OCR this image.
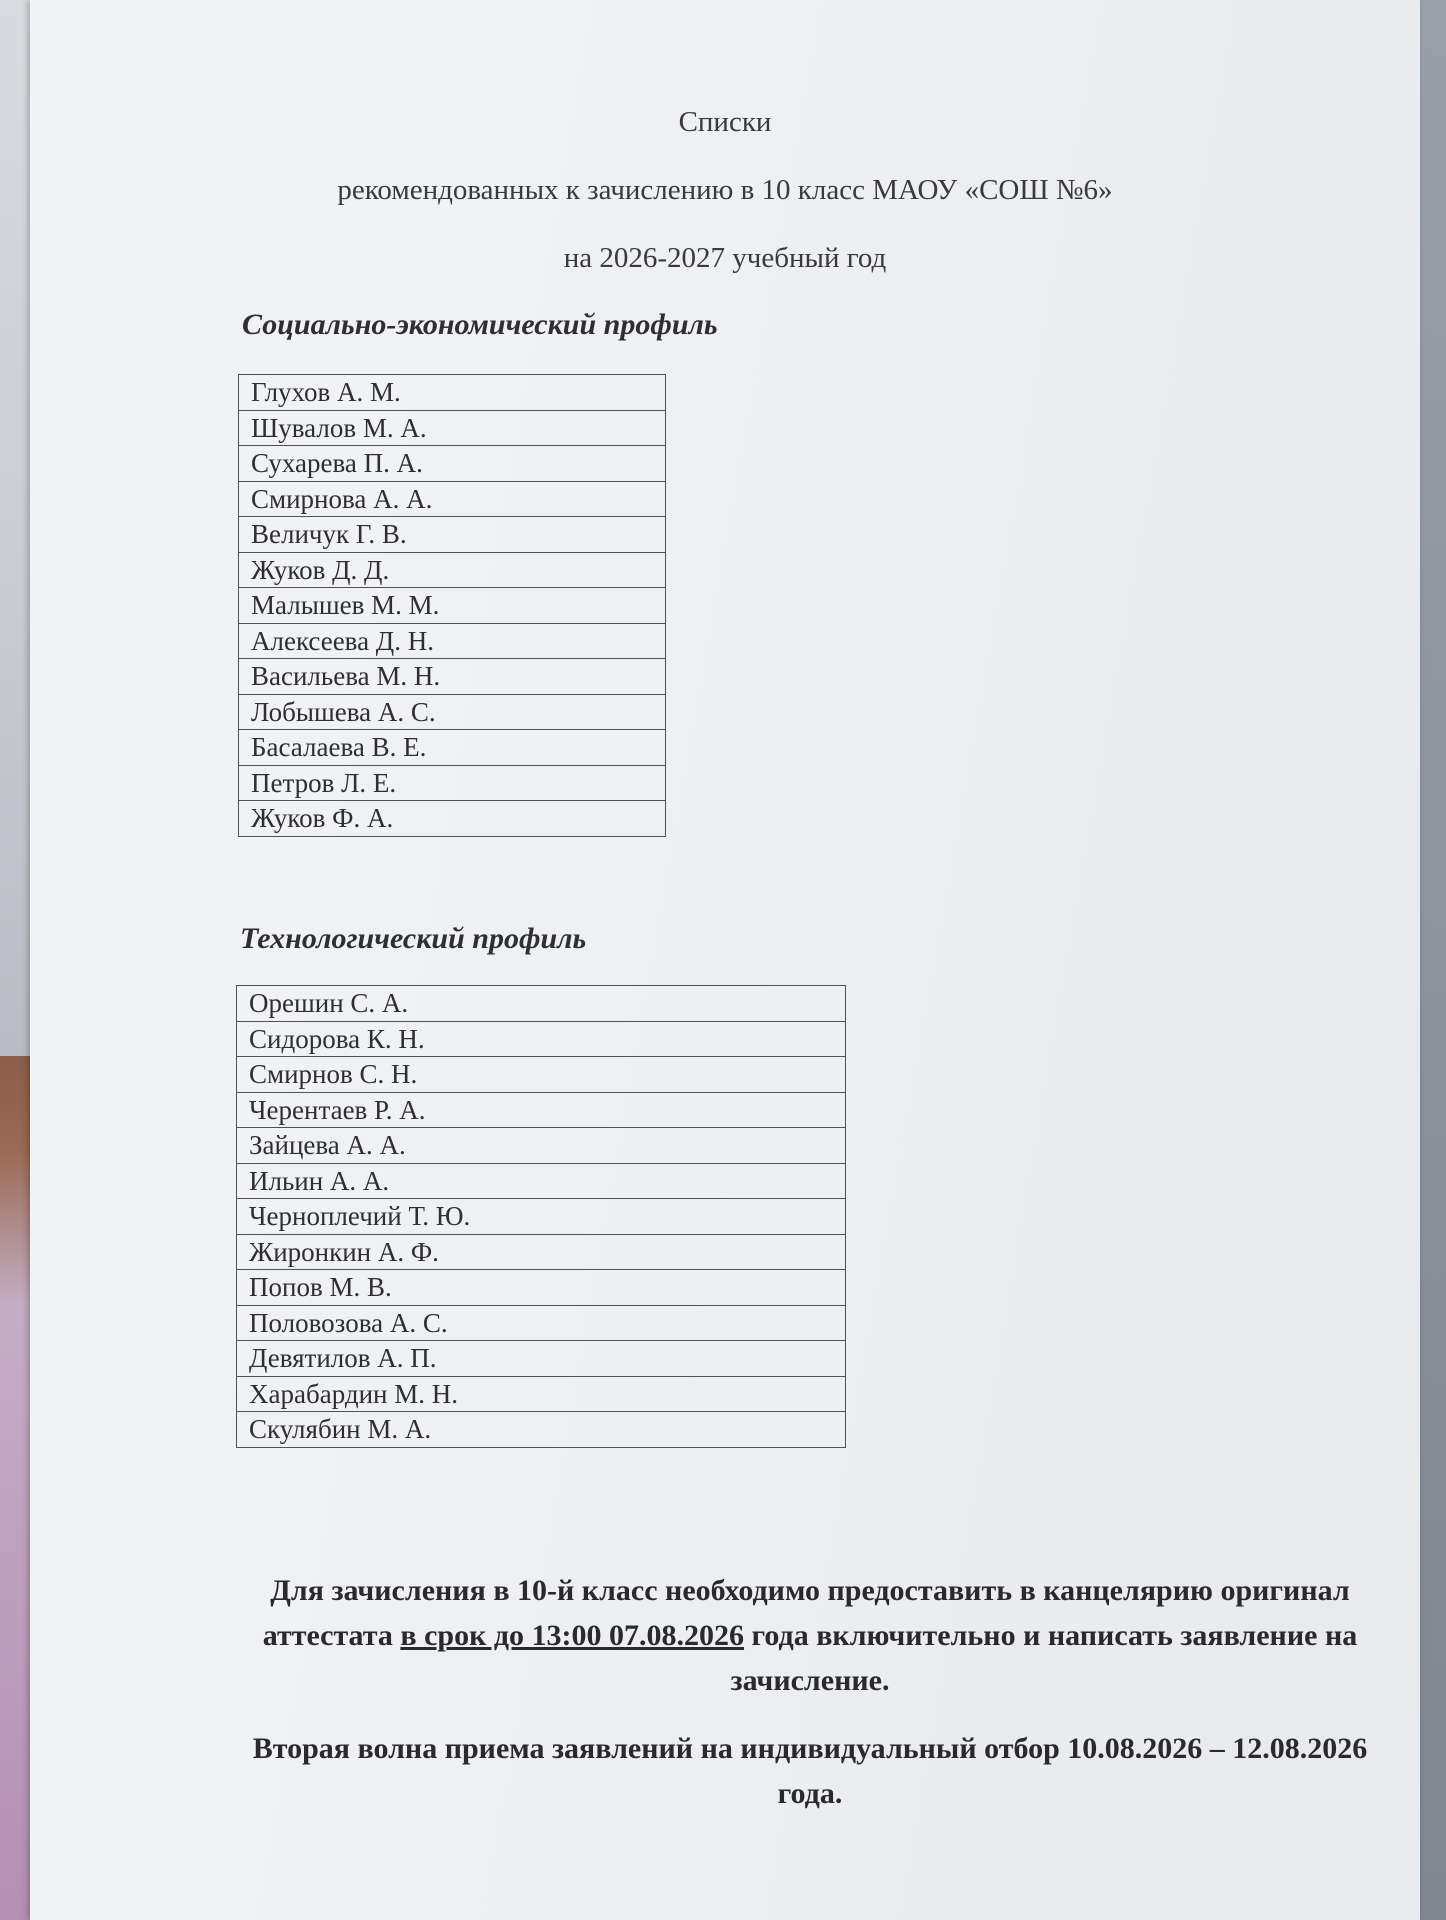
Списки
рекомендованных к зачислению в 10 класс МАОУ «СОШ №6»
на 2026-2027 учебный год
Социально-экономический профиль
Глухов А. М.
Шувалов М. А.
Сухарева П. А.
Смирнова А. А.
Величук Г. В.
Жуков Д. Д.
Малышев М. М.
Алексеева Д. Н.
Васильева М. Н.
Лобышева А. С.
Басалаева В. Е.
Петров Л. Е.
Жуков Ф. А.
Технологический профиль
Орешин С. А.
Сидорова К. Н.
Смирнов С. Н.
Черентаев Р. А.
Зайцева А. А.
Ильин А. А.
Черноплечий Т. Ю.
Жиронкин А. Ф.
Попов М. В.
Половозова А. С.
Девятилов А. П.
Харабардин М. Н.
Скулябин М. А.
Для зачисления в 10-й класс необходимо предоставить в канцелярию оригинал аттестата в срок до 13:00 07.08.2026 года включительно и написать заявление на зачисление.
Вторая волна приема заявлений на индивидуальный отбор 10.08.2026 – 12.08.2026 года.
